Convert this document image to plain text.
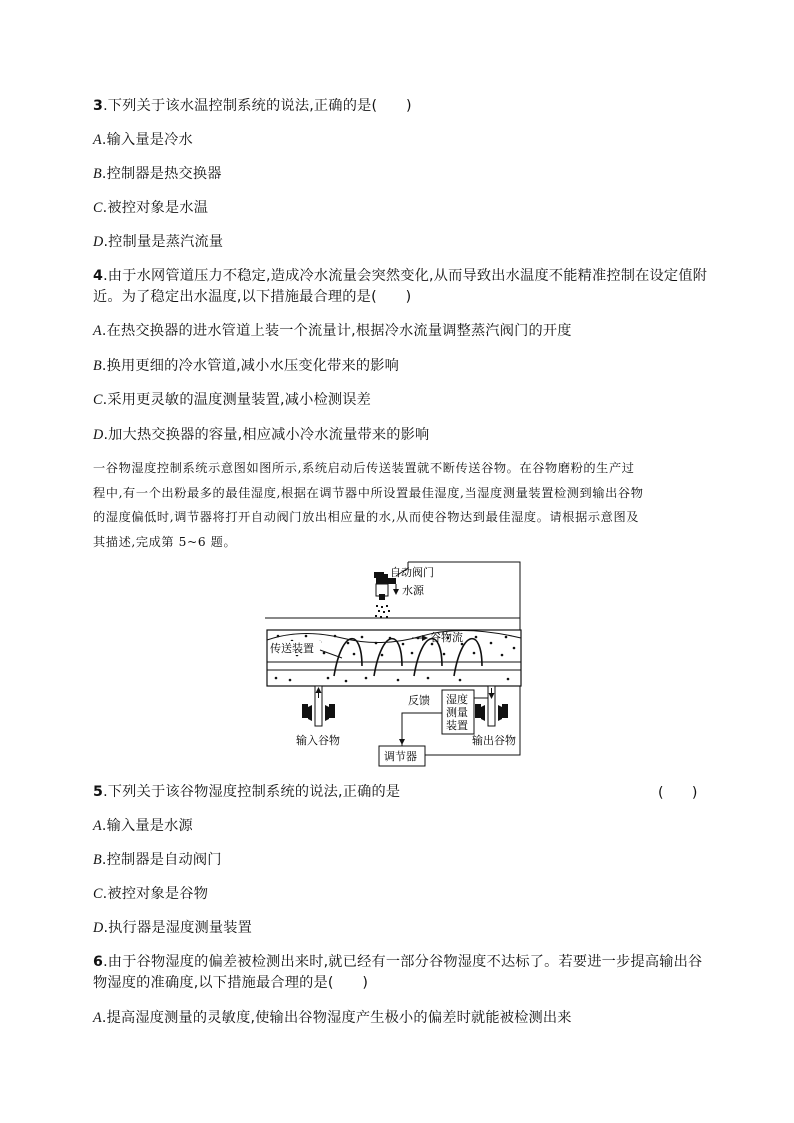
3.下列关于该水温控制系统的说法,正确的是(　　)
A.输入量是冷水
B.控制器是热交换器
C.被控对象是水温
D.控制量是蒸汽流量
4.由于水网管道压力不稳定,造成冷水流量会突然变化,从而导致出水温度不能精准控制在设定值附
近。为了稳定出水温度,以下措施最合理的是(　　)
A.在热交换器的进水管道上装一个流量计,根据冷水流量调整蒸汽阀门的开度
B.换用更细的冷水管道,减小水压变化带来的影响
C.采用更灵敏的温度测量装置,减小检测误差
D.加大热交换器的容量,相应减小冷水流量带来的影响
一谷物湿度控制系统示意图如图所示,系统启动后传送装置就不断传送谷物。在谷物磨粉的生产过
程中,有一个出粉最多的最佳湿度,根据在调节器中所设置最佳湿度,当湿度测量装置检测到输出谷物
的湿度偏低时,调节器将打开自动阀门放出相应量的水,从而使谷物达到最佳湿度。请根据示意图及
其描述,完成第 5~6 题。
自动阀门
水源
谷物流
传送装置
输入谷物	输出谷物
湿度
测量
装置
反馈
调节器
5.下列关于该谷物湿度控制系统的说法,正确的是	(　　)
A.输入量是水源
B.控制器是自动阀门
C.被控对象是谷物
D.执行器是湿度测量装置
6.由于谷物湿度的偏差被检测出来时,就已经有一部分谷物湿度不达标了。若要进一步提高输出谷
物湿度的准确度,以下措施最合理的是(　　)
A.提高湿度测量的灵敏度,使输出谷物湿度产生极小的偏差时就能被检测出来
